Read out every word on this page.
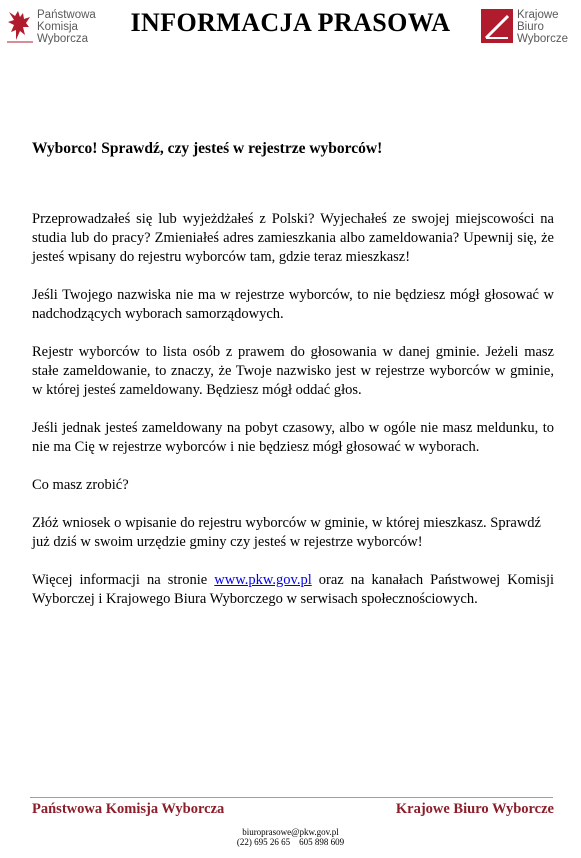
Państwowa
Komisja
Wyborcza
INFORMACJA PRASOWA	Krajowe
Biuro
Wyborcze
Wyborco! Sprawdź, czy jesteś w rejestrze wyborców!

Przeprowadzałeś się lub wyjeżdżałeś z Polski? Wyjechałeś ze swojej miejscowości na studia lub do pracy? Zmieniałeś adres zamieszkania albo zameldowania? Upewnij się, że jesteś wpisany do rejestru wyborców tam, gdzie teraz mieszkasz!

Jeśli Twojego nazwiska nie ma w rejestrze wyborców, to nie będziesz mógł głosować w nadchodzących wyborach samorządowych.

Rejestr wyborców to lista osób z prawem do głosowania w danej gminie. Jeżeli masz stałe zameldowanie, to znaczy, że Twoje nazwisko jest w rejestrze wyborców w gminie, w której jesteś zameldowany. Będziesz mógł oddać głos.

Jeśli jednak jesteś zameldowany na pobyt czasowy, albo w ogóle nie masz meldunku, to nie ma Cię w rejestrze wyborców i nie będziesz mógł głosować w wyborach.

Co masz zrobić?

Złóż wniosek o wpisanie do rejestru wyborców w gminie, w której mieszkasz. Sprawdź już dziś w swoim urzędzie gminy czy jesteś w rejestrze wyborców!

Więcej informacji na stronie www.pkw.gov.pl oraz na kanałach Państwowej Komisji Wyborczej i Krajowego Biura Wyborczego w serwisach społecznościowych.

Państwowa Komisja Wyborcza	Krajowe Biuro Wyborcze
biuroprasowe@pkw.gov.pl
(22) 695 26 65    605 898 609
